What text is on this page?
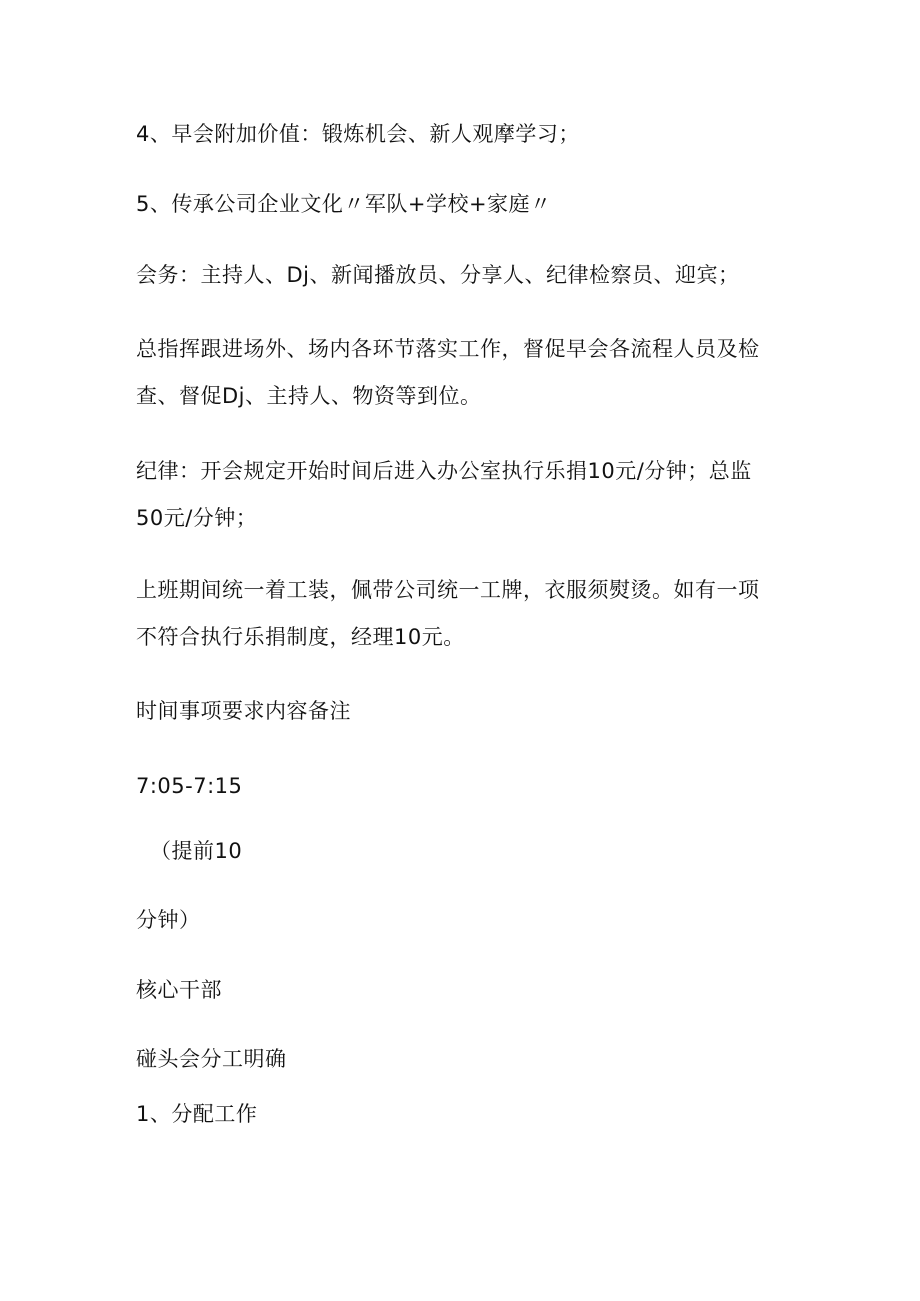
4、早会附加价值：锻炼机会、新人观摩学习；
5、传承公司企业文化〃军队+学校+家庭〃
会务：主持人、Dj、新闻播放员、分享人、纪律检察员、迎宾；
总指挥跟进场外、场内各环节落实工作，督促早会各流程人员及检
查、督促Dj、主持人、物资等到位。
纪律：开会规定开始时间后进入办公室执行乐捐10元/分钟；总监
50元/分钟；
上班期间统一着工装，佩带公司统一工牌，衣服须熨烫。如有一项
不符合执行乐捐制度，经理10元。
时间事项要求内容备注
7:05-7:15
（提前10
分钟）
核心干部
碰头会分工明确
1、分配工作
